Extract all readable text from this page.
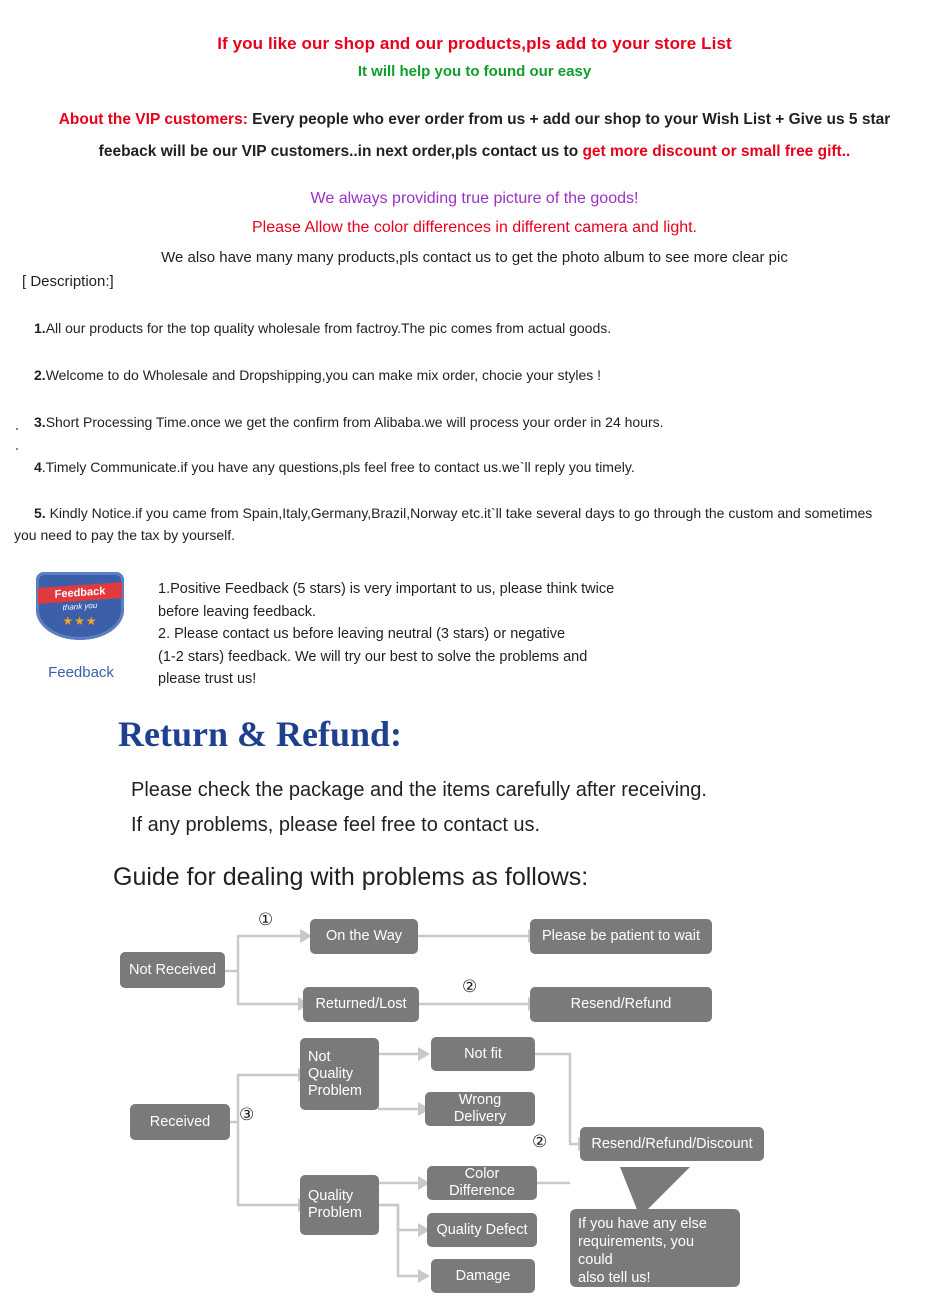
If you like our shop and our products,pls add to your store List
It will help you to found our easy
About the VIP customers: Every people who ever order from us + add our shop to your Wish List + Give us 5 star
feeback will be our VIP customers..in next order,pls contact us to get more discount or small free gift..
We always providing true picture of the goods!
Please Allow the color differences in different camera and light.
We also have many many products,pls contact us to get the photo album to see more clear pic
[ Description:]
1.All our products for the top quality wholesale from factroy.The pic comes from actual goods.
2.Welcome to do Wholesale and Dropshipping,you can make mix order, chocie your styles !
3.Short Processing Time.once we get the confirm from Alibaba.we will process your order in 24 hours.
4.Timely Communicate.if you have any questions,pls feel free to contact us.we`ll reply you timely.
5. Kindly Notice.if you came from Spain,Italy,Germany,Brazil,Norway etc.it`ll take several days to go through the custom and sometimes
you need to pay the tax by yourself.
Feedback
thank you
★★★
Feedback
1.Positive Feedback (5 stars) is very important to us, please think twice
before leaving feedback.
2. Please contact us before leaving neutral (3 stars) or negative
(1-2 stars) feedback. We will try our best to solve the problems and
please trust us!
Return & Refund:
Please check the package and the items carefully after receiving.
If any problems, please feel free to contact us.
Guide for dealing with problems as follows:
Not Received
On the Way
Returned/Lost
Please be patient to wait
Resend/Refund
Received
Not
Quality
Problem
Quality
Problem
Not fit
Wrong Delivery
Color Difference
Quality Defect
Damage
Resend/Refund/Discount
If you have any else
requirements, you could
also tell us!
①
②
③
②
